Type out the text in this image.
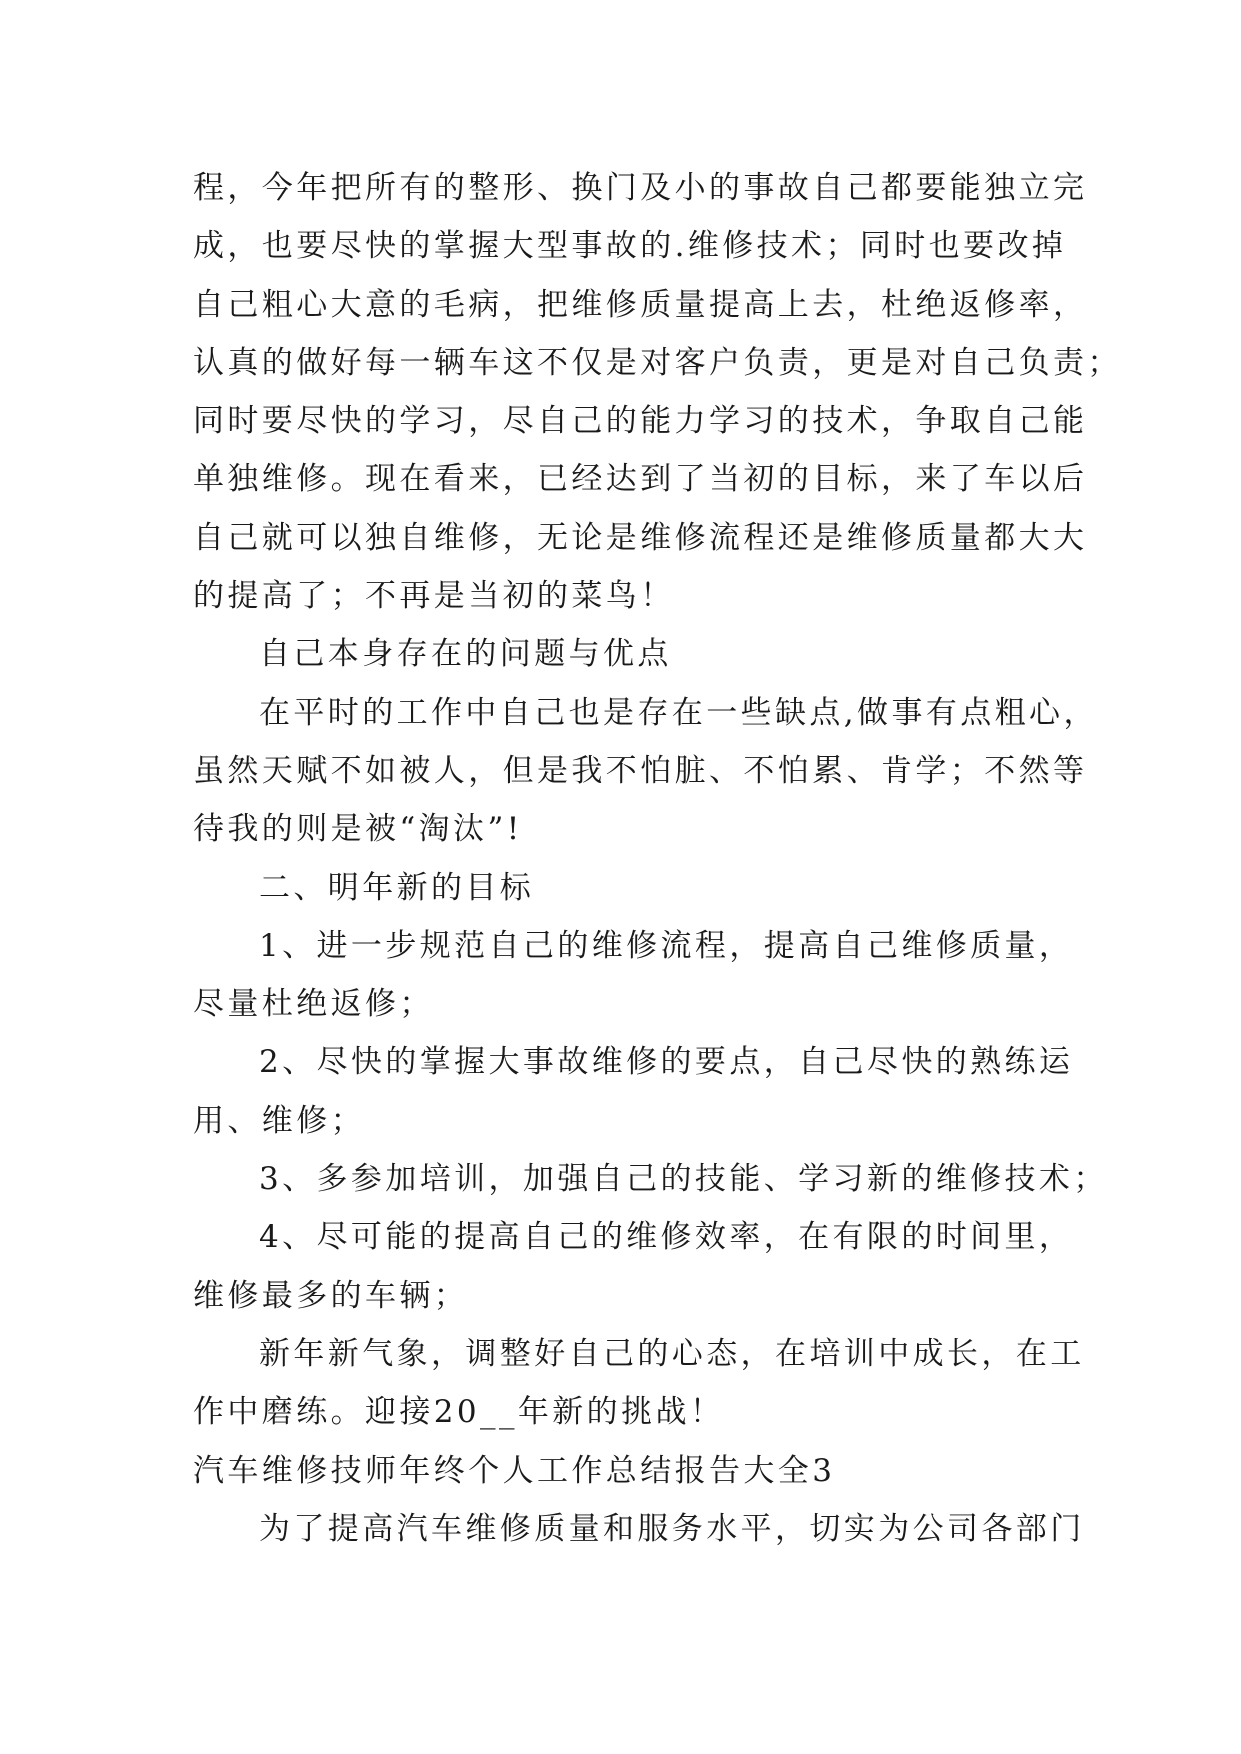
程，今年把所有的整形、换门及小的事故自己都要能独立完

成，也要尽快的掌握大型事故的.维修技术；同时也要改掉

自己粗心大意的毛病，把维修质量提高上去，杜绝返修率，

认真的做好每一辆车这不仅是对客户负责，更是对自己负责；

同时要尽快的学习，尽自己的能力学习的技术，争取自己能

单独维修。现在看来，已经达到了当初的目标，来了车以后

自己就可以独自维修，无论是维修流程还是维修质量都大大

的提高了；不再是当初的菜鸟！

自己本身存在的问题与优点

在平时的工作中自己也是存在一些缺点,做事有点粗心，

虽然天赋不如被人，但是我不怕脏、不怕累、肯学；不然等

待我的则是被“淘汰”!

二、明年新的目标

1、进一步规范自己的维修流程，提高自己维修质量，

尽量杜绝返修；

2、尽快的掌握大事故维修的要点，自己尽快的熟练运

用、维修；

3、多参加培训，加强自己的技能、学习新的维修技术；

4、尽可能的提高自己的维修效率，在有限的时间里，

维修最多的车辆；

新年新气象，调整好自己的心态，在培训中成长，在工

作中磨练。迎接20__年新的挑战！

汽车维修技师年终个人工作总结报告大全3

为了提高汽车维修质量和服务水平，切实为公司各部门
